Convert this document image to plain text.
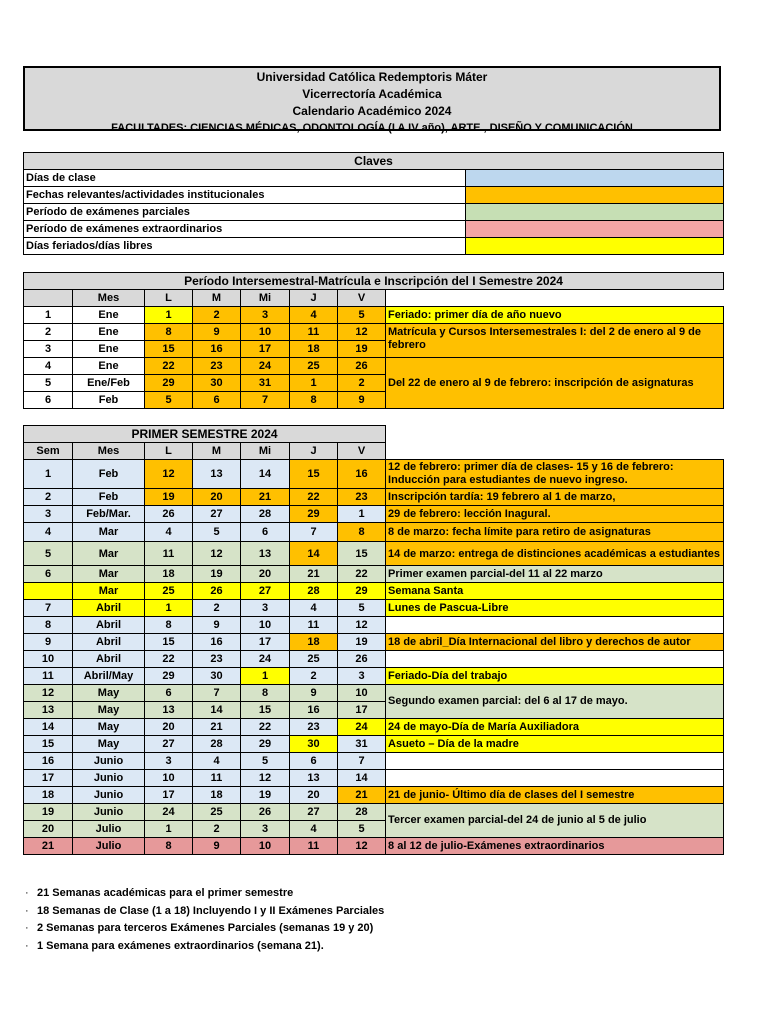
Universidad Católica Redemptoris Máter
Vicerrectoría Académica
Calendario Académico 2024
FACULTADES: CIENCIAS MÉDICAS, ODONTOLOGÍA (I A IV año), ARTE , DISEÑO Y COMUNICACIÓN
Claves	
Días de clase	
Fechas relevantes/actividades institucionales	
Período de exámenes parciales	
Período de exámenes extraordinarios	
Días feriados/días libres	
Período Intersemestral-Matrícula e Inscripción del I Semestre 2024							
	Mes	L	M	Mi	J	V	
1	Ene	1	2	3	4	5	Feriado: primer día de año nuevo
2	Ene	8	9	10	11	12	Matrícula y Cursos Intersemestrales I: del 2 de enero al 9 de febrero
3	Ene	15	16	17	18	19	
4	Ene	22	23	24	25	26	Del 22 de enero al 9 de febrero: inscripción de asignaturas
5	Ene/Feb	29	30	31	1	2	
6	Feb	5	6	7	8	9	
PRIMER SEMESTRE 2024							
Sem	Mes	L	M	Mi	J	V	
1	Feb	12	13	14	15	16	12 de febrero: primer día de clases- 15 y 16 de febrero: Inducción para estudiantes de nuevo ingreso.
2	Feb	19	20	21	22	23	Inscripción tardía: 19 febrero al 1 de marzo,
3	Feb/Mar.	26	27	28	29	1	29 de febrero: lección Inagural.
4	Mar	4	5	6	7	8	8 de marzo: fecha límite para retiro de asignaturas
5	Mar	11	12	13	14	15	14 de marzo: entrega de distinciones académicas a estudiantes
6	Mar	18	19	20	21	22	Primer examen parcial-del 11 al 22 marzo
	Mar	25	26	27	28	29	Semana Santa
7	Abril	1	2	3	4	5	Lunes de Pascua-Libre
8	Abril	8	9	10	11	12	
9	Abril	15	16	17	18	19	18 de abril_Día Internacional del libro y derechos de autor
10	Abril	22	23	24	25	26	
11	Abril/May	29	30	1	2	3	Feriado-Día del trabajo
12	May	6	7	8	9	10	Segundo examen parcial: del 6 al 17 de mayo.
13	May	13	14	15	16	17	
14	May	20	21	22	23	24	24 de mayo-Día de María Auxiliadora
15	May	27	28	29	30	31	Asueto – Día de la madre
16	Junio	3	4	5	6	7	
17	Junio	10	11	12	13	14	
18	Junio	17	18	19	20	21	21 de junio- Último día de clases del I semestre
19	Junio	24	25	26	27	28	Tercer examen parcial-del 24 de junio al 5 de julio
20	Julio	1	2	3	4	5	
21	Julio	8	9	10	11	12	8 al 12 de julio-Exámenes extraordinarios
· 21 Semanas académicas para el primer semestre
· 18 Semanas de Clase (1 a 18) Incluyendo I y II Exámenes Parciales
· 2 Semanas para terceros Exámenes Parciales (semanas 19 y 20)
· 1 Semana para exámenes extraordinarios (semana 21).
